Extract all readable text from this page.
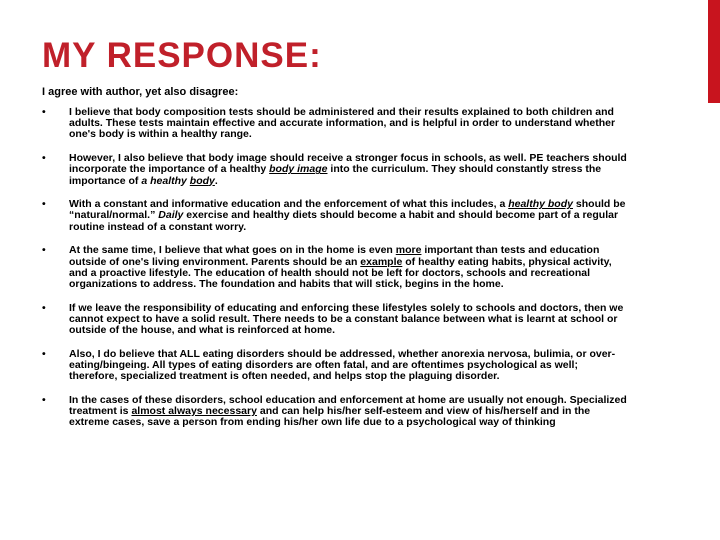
MY RESPONSE:
I agree with author, yet also disagree:
•	I believe that body composition tests should be administered and their results explained to both children and adults. These tests maintain effective and accurate information, and is helpful in order to understand whether one's body is within a healthy range.
•	However, I also believe that body image should receive a stronger focus in schools, as well. PE teachers should incorporate the importance of a healthy body image into the curriculum. They should constantly stress the importance of a healthy body.
•	With a constant and informative education and the enforcement of what this includes, a healthy body should be “natural/normal.” Daily exercise and healthy diets should become a habit and should become part of a regular routine instead of a constant worry.
•	At the same time, I believe that what goes on in the home is even more important than tests and education outside of one's living environment. Parents should be an example of healthy eating habits, physical activity, and a proactive lifestyle. The education of health should not be left for doctors, schools and recreational organizations to address. The foundation and habits that will stick, begins in the home.
•	If we leave the responsibility of educating and enforcing these lifestyles solely to schools and doctors, then we cannot expect to have a solid result. There needs to be a constant balance between what is learnt at school or outside of the house, and what is reinforced at home.
•	Also, I do believe that ALL eating disorders should be addressed, whether anorexia nervosa, bulimia, or over-eating/bingeing. All types of eating disorders are often fatal, and are oftentimes psychological as well; therefore, specialized treatment is often needed, and helps stop the plaguing disorder.
•	In the cases of these disorders, school education and enforcement at home are usually not enough. Specialized treatment is almost always necessary and can help his/her self-esteem and view of his/herself and in the extreme cases, save a person from ending his/her own life due to a psychological way of thinking
